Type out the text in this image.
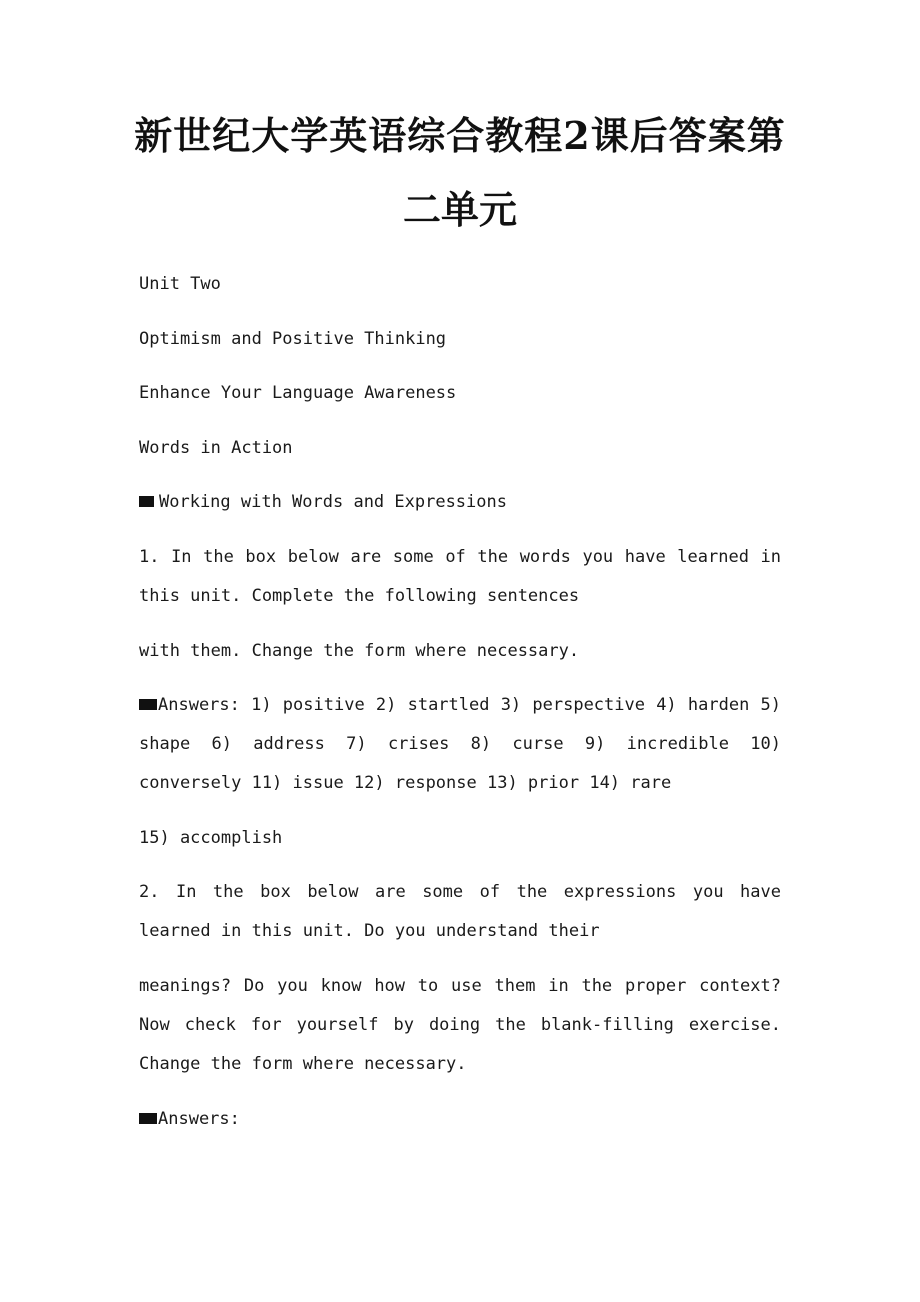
新世纪大学英语综合教程2课后答案第
二单元

Unit Two

Optimism and Positive Thinking

Enhance Your Language Awareness

Words in Action

Working with Words and Expressions

1. In the box below are some of the words you have learned in this unit. Complete the following sentences

with them. Change the form where necessary.

Answers: 1) positive 2) startled 3) perspective 4) harden 5) shape 6) address 7) crises 8) curse 9) incredible 10) conversely 11) issue 12) response 13) prior 14) rare

15) accomplish

2. In the box below are some of the expressions you have learned in this unit. Do you understand their

meanings? Do you know how to use them in the proper context? Now check for yourself by doing the blank-filling exercise. Change the form where necessary.

Answers:
